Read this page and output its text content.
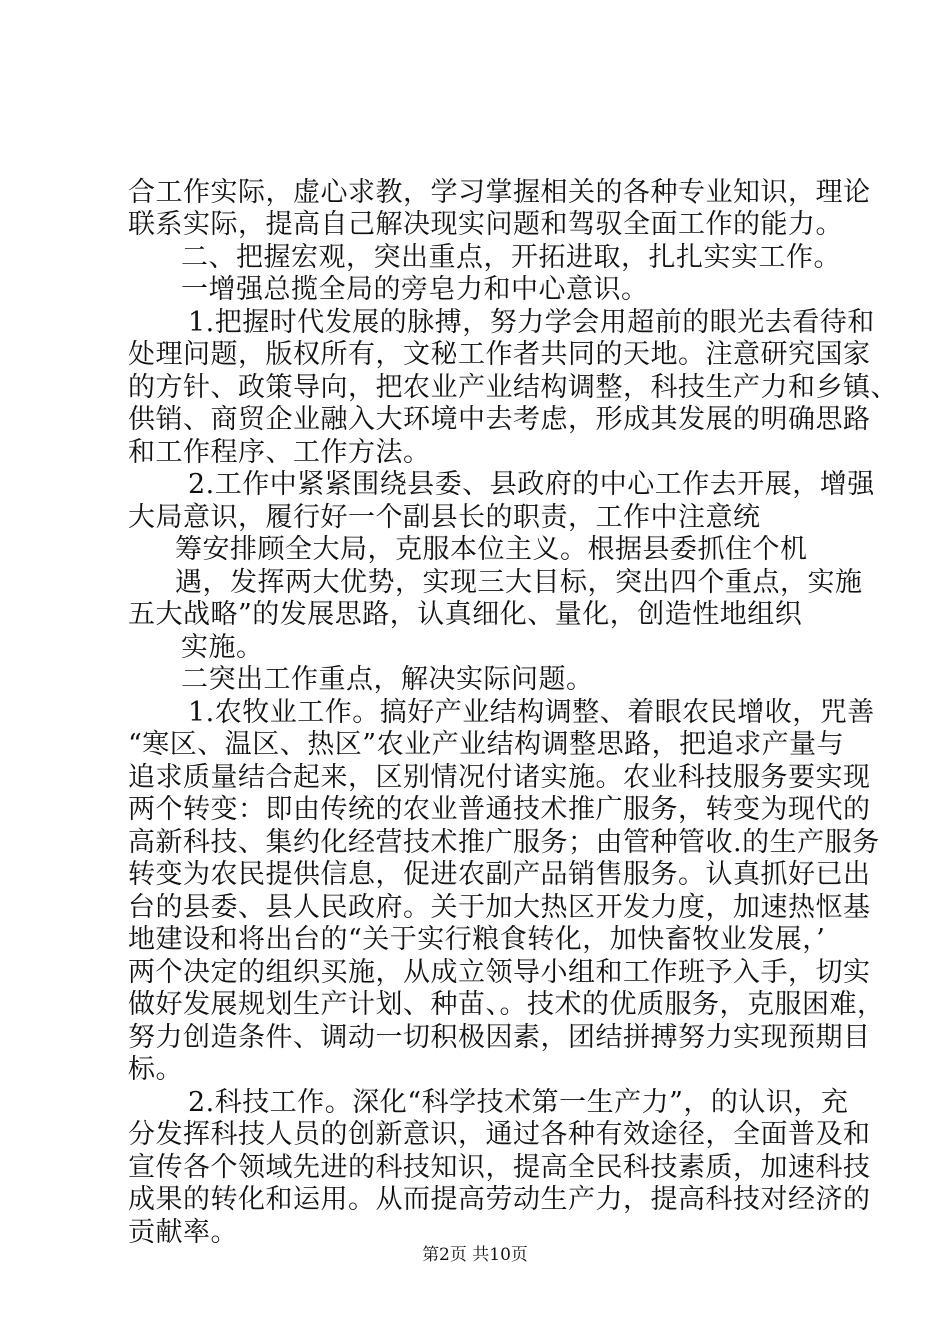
合工作实际，虚心求教，学习掌握相关的各种专业知识，理论
联系实际，提高自己解决现实问题和驾驭全面工作的能力。
二、把握宏观，突出重点，开拓进取，扎扎实实工作。
一增强总揽全局的旁皂力和中心意识。
1.把握时代发展的脉搏，努力学会用超前的眼光去看待和
处理问题，版权所有，文秘工作者共同的天地。注意研究国家
的方针、政策导向，把农业产业结构调整，科技生产力和乡镇、
供销、商贸企业融入大环境中去考虑，形成其发展的明确思路
和工作程序、工作方法。
2.工作中紧紧围绕县委、县政府的中心工作去开展，增强
大局意识，履行好一个副县长的职责，工作中注意统
筹安排顾全大局，克服本位主义。根据县委抓住个机
遇，发挥两大优势，实现三大目标，突出四个重点，实施
五大战略”的发展思路，认真细化、量化，创造性地组织
实施。
二突出工作重点，解决实际问题。
1.农牧业工作。搞好产业结构调整、着眼农民增收，咒善
“寒区、温区、热区”农业产业结构调整思路，把追求产量与
追求质量结合起来，区别情况付诸实施。农业科技服务要实现
两个转变：即由传统的农业普通技术推广服务，转变为现代的
高新科技、集约化经营技术推广服务；由管种管收.的生产服务
转变为农民提供信息，促进农副产品销售服务。认真抓好已出
台的县委、县人民政府。关于加大热区开发力度，加速热怄基
地建设和将出台的“关于实行粮食转化，加快畜牧业发展，’
两个决定的组织买施，从成立领导小组和工作班予入手，切实
做好发展规划生产计划、种苗、。技术的优质服务，克服困难，
努力创造条件、调动一切积极因素，团结拼搏努力实现预期目
标。
2.科技工作。深化“科学技术第一生产力”，的认识，充
分发挥科技人员的创新意识，通过各种有效途径，全面普及和
宣传各个领域先进的科技知识，提高全民科技素质，加速科技
成果的转化和运用。从而提高劳动生产力，提高科技对经济的
贡献率。
第2页 共10页
